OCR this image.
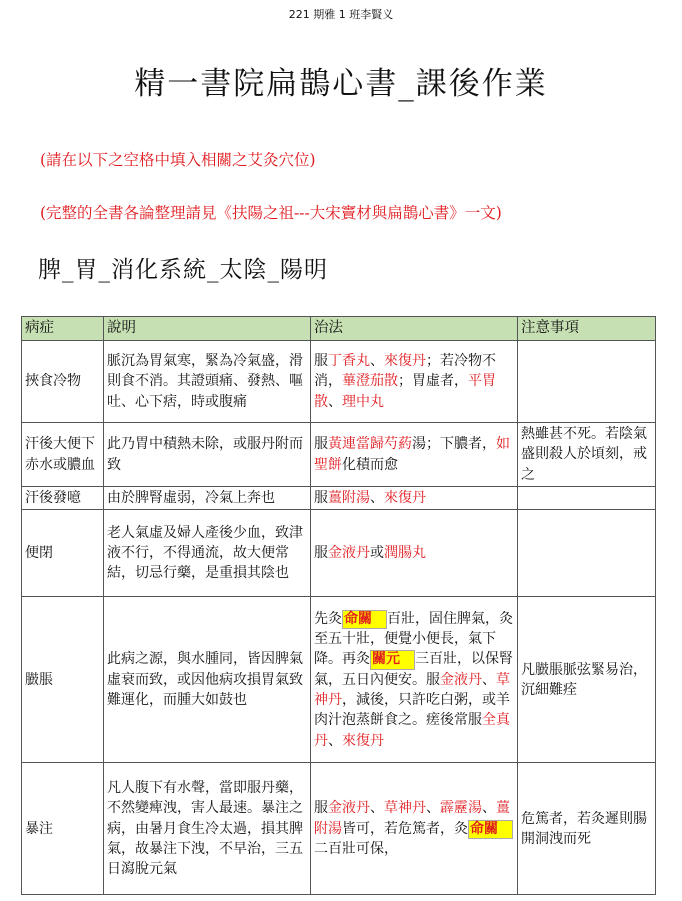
221 期雅 1 班李賢义
精一書院扁鵲心書_課後作業
(請在以下之空格中填入相關之艾灸穴位)
(完整的全書各論整理請見《扶陽之祖---大宋竇材與扁鵲心書》一文)
脾_胃_消化系統_太陰_陽明
病症	說明	治法	注意事項
挾食冷物	脈沉為胃氣寒，緊為冷氣盛，滑則食不消。其證頭痛、發熱、嘔吐、心下痞，時或腹痛	服丁香丸、來復丹；若冷物不消，蓽澄茄散；胃虛者，平胃散、理中丸	
汗後大便下赤水或膿血	此乃胃中積熱未除，或服丹附而致	服黃連當歸芍葯湯；下膿者，如聖餅化積而愈	熱雖甚不死。若陰氣盛則殺人於頃刻，戒之
汗後發噫	由於脾腎虛弱，冷氣上奔也	服薑附湯、來復丹	
便閉	老人氣虛及婦人產後少血，致津液不行，不得通流，故大便常結，切忌行藥，是重損其陰也	服金液丹或潤腸丸	
臌脹	此病之源，與水腫同，皆因脾氣虛衰而致，或因他病攻損胃氣致難運化，而腫大如鼓也	先灸 命關 百壯，固住脾氣，灸至五十壯，便覺小便長，氣下降。再灸 關元 三百壯，以保腎氣，五日內便安。服金液丹、草神丹，減後，只許吃白粥，或羊肉汁泡蒸餅食之。瘥後常服全真丹、來復丹	凡臌脹脈弦緊易治，沉細難痊
暴注	凡人腹下有水聲，當即服丹藥，不然變痺洩，害人最速。暴注之病，由暑月食生冷太過，損其脾氣，故暴注下洩，不早治，三五日瀉脫元氣	服金液丹、草神丹、霹靂湯、薑附湯皆可，若危篤者，灸 命關二百壯可保，	危篤者，若灸遲則腸開洞洩而死
